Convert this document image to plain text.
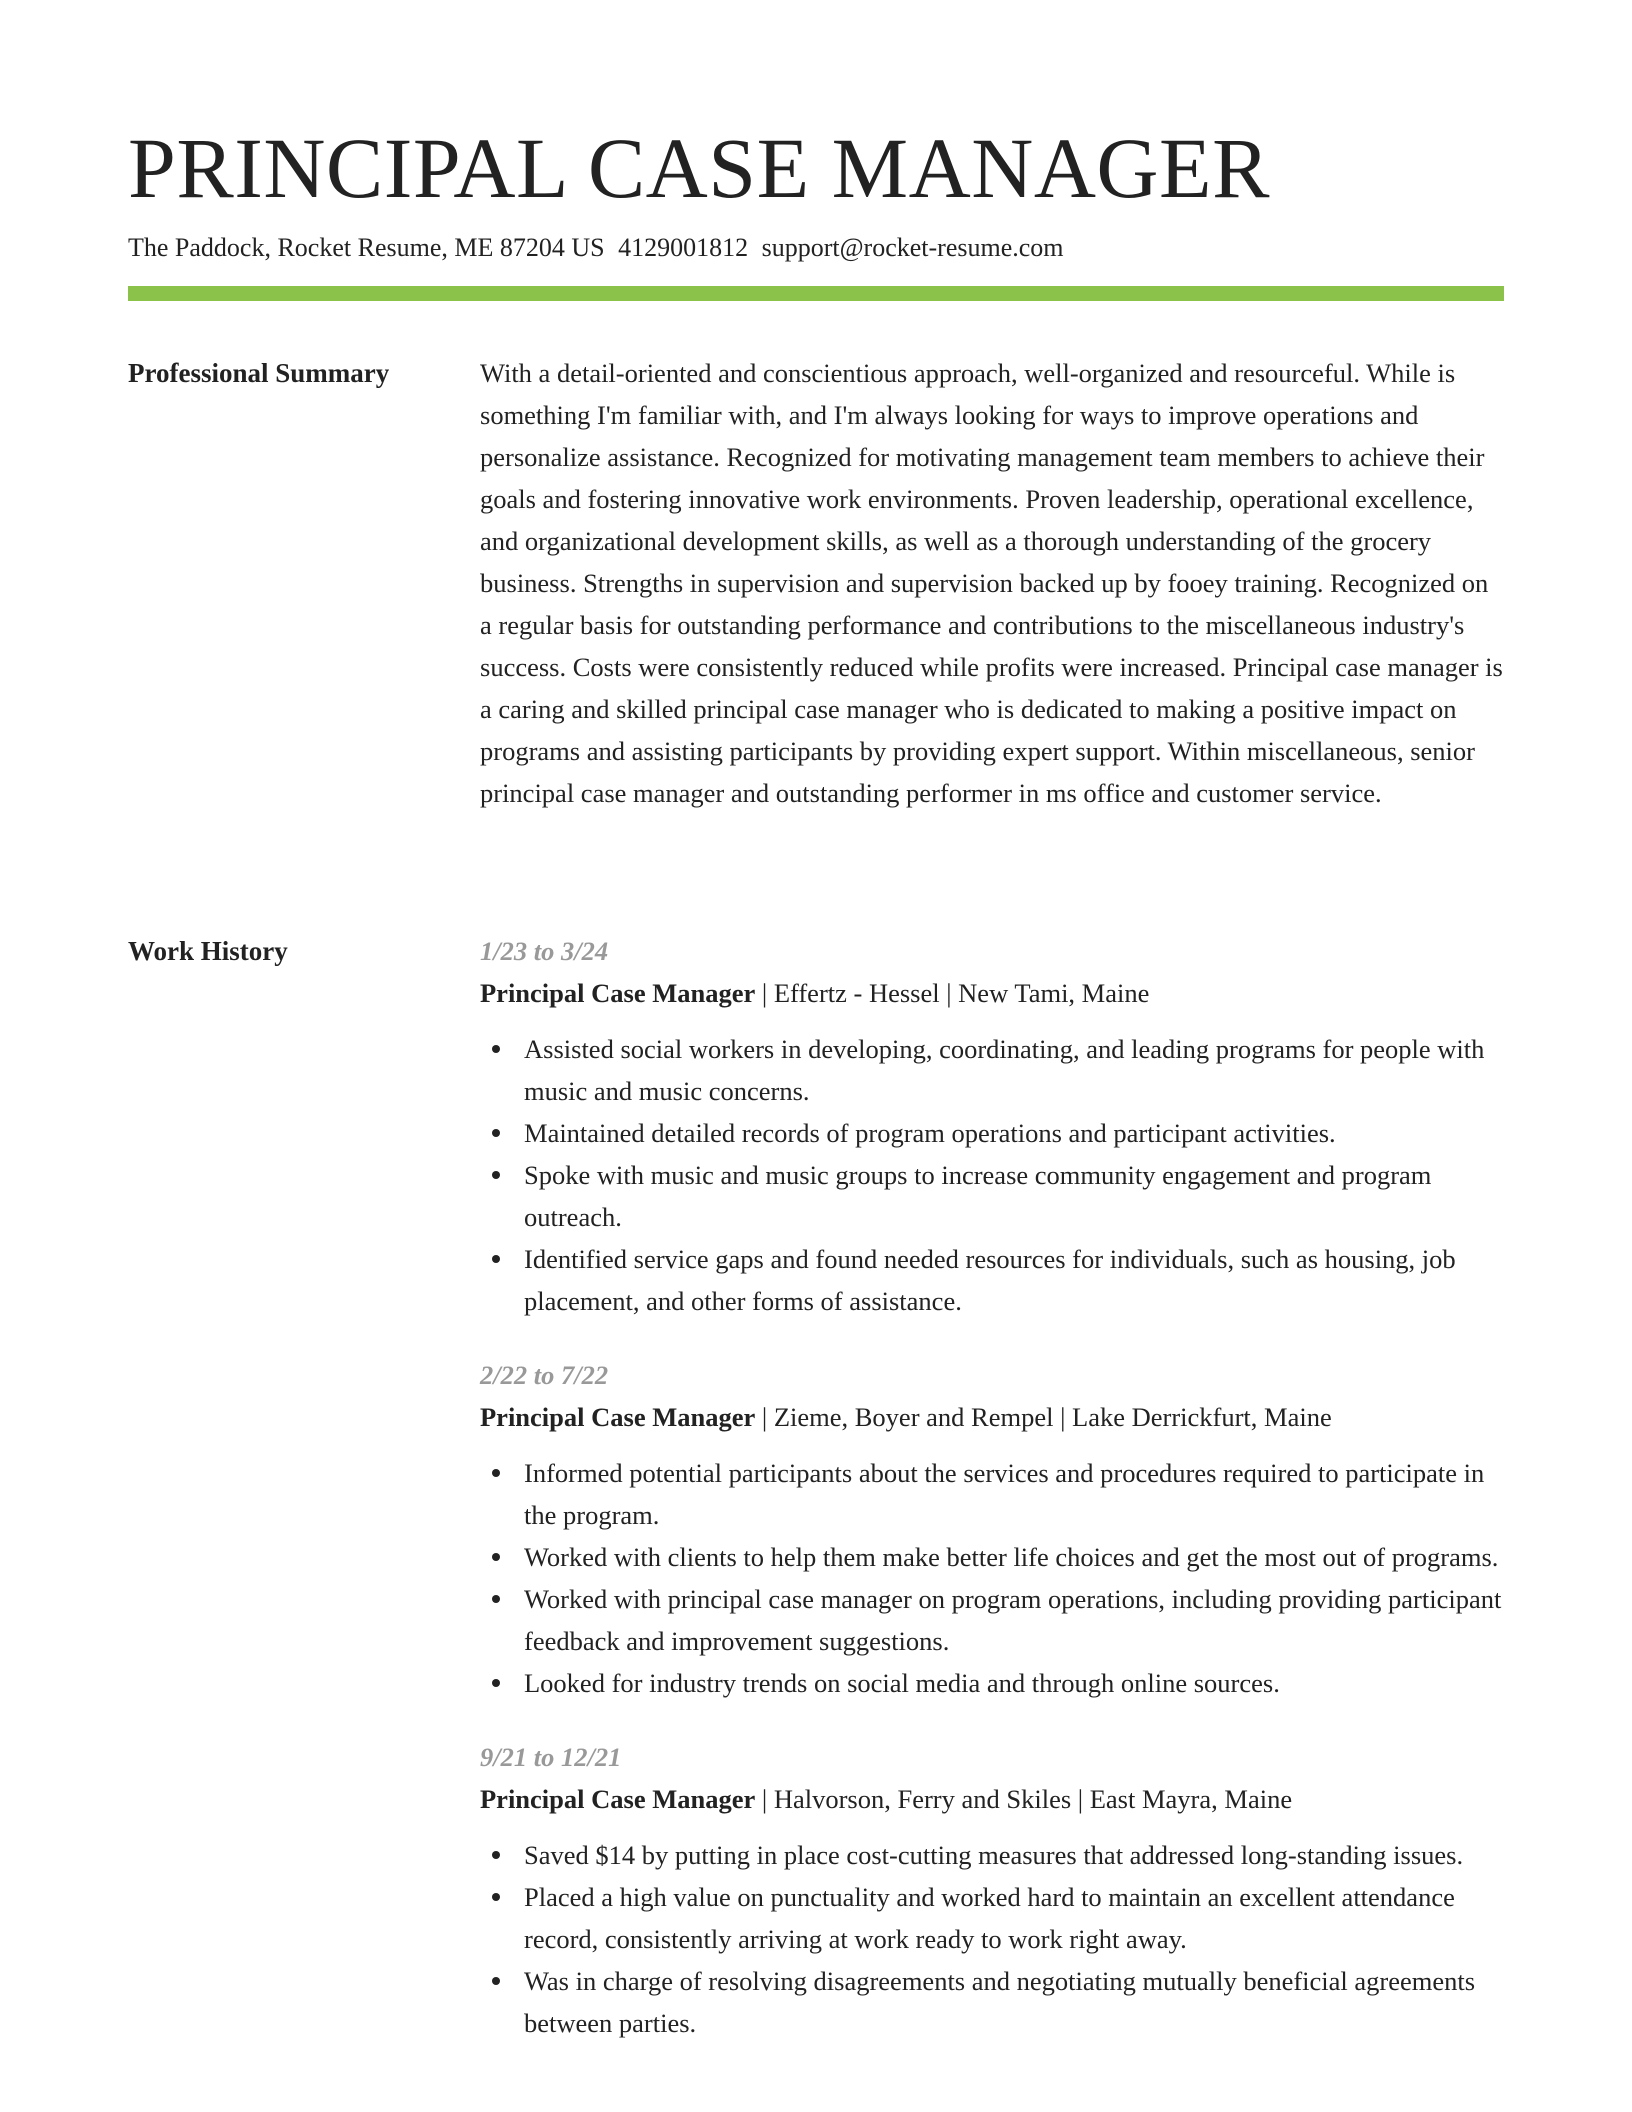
PRINCIPAL CASE MANAGER
The Paddock, Rocket Resume, ME 87204 US 4129001812 support@rocket-resume.com
Professional Summary	With a detail-oriented and conscientious approach, well-organized and resourceful. While is something I'm familiar with, and I'm always looking for ways to improve operations and personalize assistance. Recognized for motivating management team members to achieve their goals and fostering innovative work environments. Proven leadership, operational excellence, and organizational development skills, as well as a thorough understanding of the grocery business. Strengths in supervision and supervision backed up by fooey training. Recognized on a regular basis for outstanding performance and contributions to the miscellaneous industry's success. Costs were consistently reduced while profits were increased. Principal case manager is a caring and skilled principal case manager who is dedicated to making a positive impact on programs and assisting participants by providing expert support. Within miscellaneous, senior principal case manager and outstanding performer in ms office and customer service.

Work History	1/23 to 3/24
Principal Case Manager | Effertz - Hessel | New Tami, Maine
Assisted social workers in developing, coordinating, and leading programs for people with music and music concerns.
Maintained detailed records of program operations and participant activities.
Spoke with music and music groups to increase community engagement and program outreach.
Identified service gaps and found needed resources for individuals, such as housing, job placement, and other forms of assistance.
2/22 to 7/22
Principal Case Manager | Zieme, Boyer and Rempel | Lake Derrickfurt, Maine
Informed potential participants about the services and procedures required to participate in the program.
Worked with clients to help them make better life choices and get the most out of programs.
Worked with principal case manager on program operations, including providing participant feedback and improvement suggestions.
Looked for industry trends on social media and through online sources.
9/21 to 12/21
Principal Case Manager | Halvorson, Ferry and Skiles | East Mayra, Maine
Saved $14 by putting in place cost-cutting measures that addressed long-standing issues.
Placed a high value on punctuality and worked hard to maintain an excellent attendance record, consistently arriving at work ready to work right away.
Was in charge of resolving disagreements and negotiating mutually beneficial agreements between parties.
